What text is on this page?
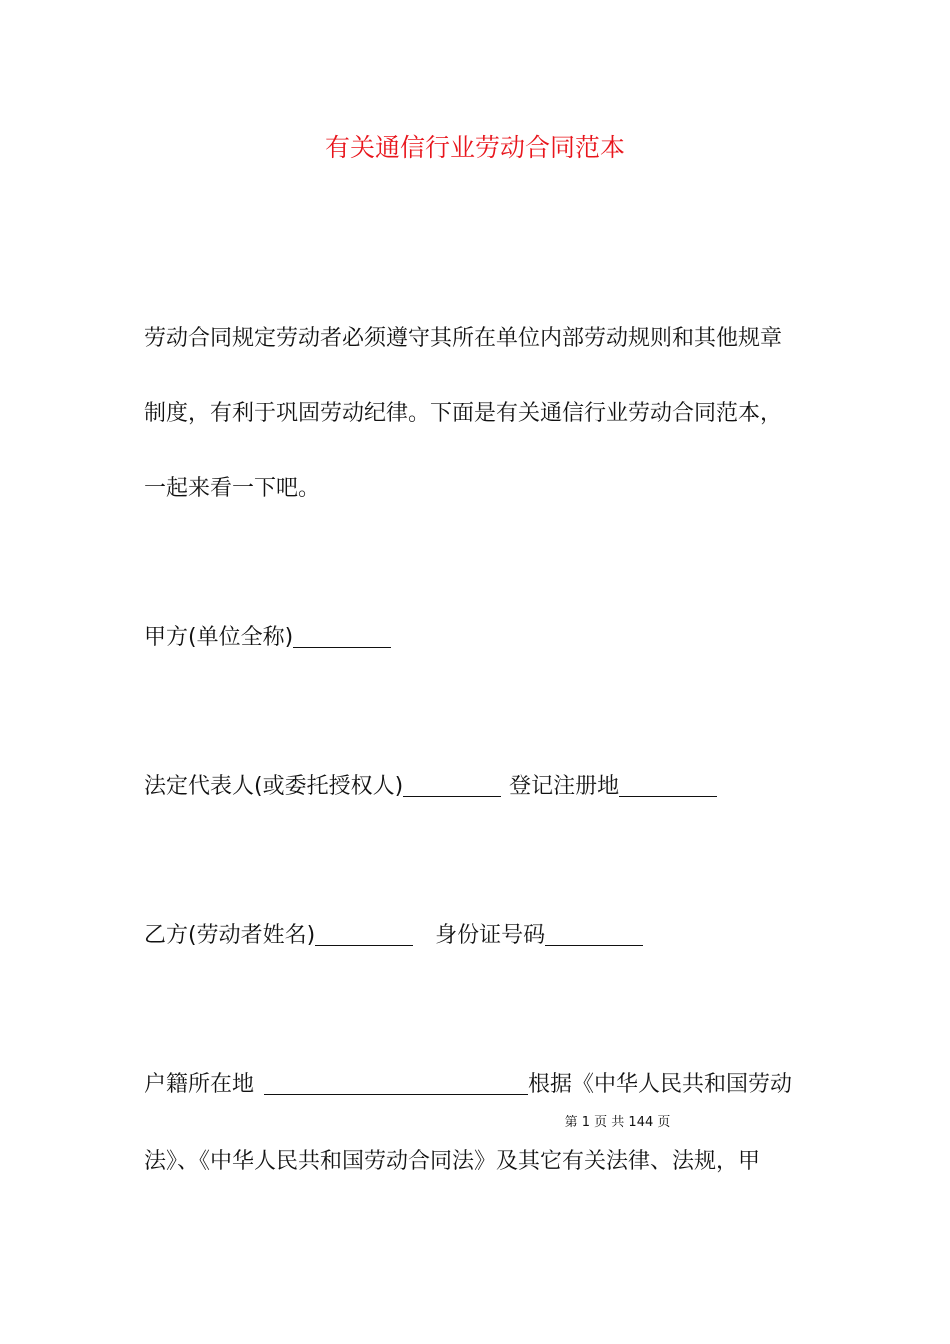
有关通信行业劳动合同范本
劳动合同规定劳动者必须遵守其所在单位内部劳动规则和其他规章
制度，有利于巩固劳动纪律。下面是有关通信行业劳动合同范本，
一起来看一下吧。
甲方(单位全称)
法定代表人(或委托授权人)	登记注册地
乙方(劳动者姓名)	身份证号码
户籍所在地	根据《中华人民共和国劳动
第 1 页 共 144 页
法》、《中华人民共和国劳动合同法》及其它有关法律、法规，甲
